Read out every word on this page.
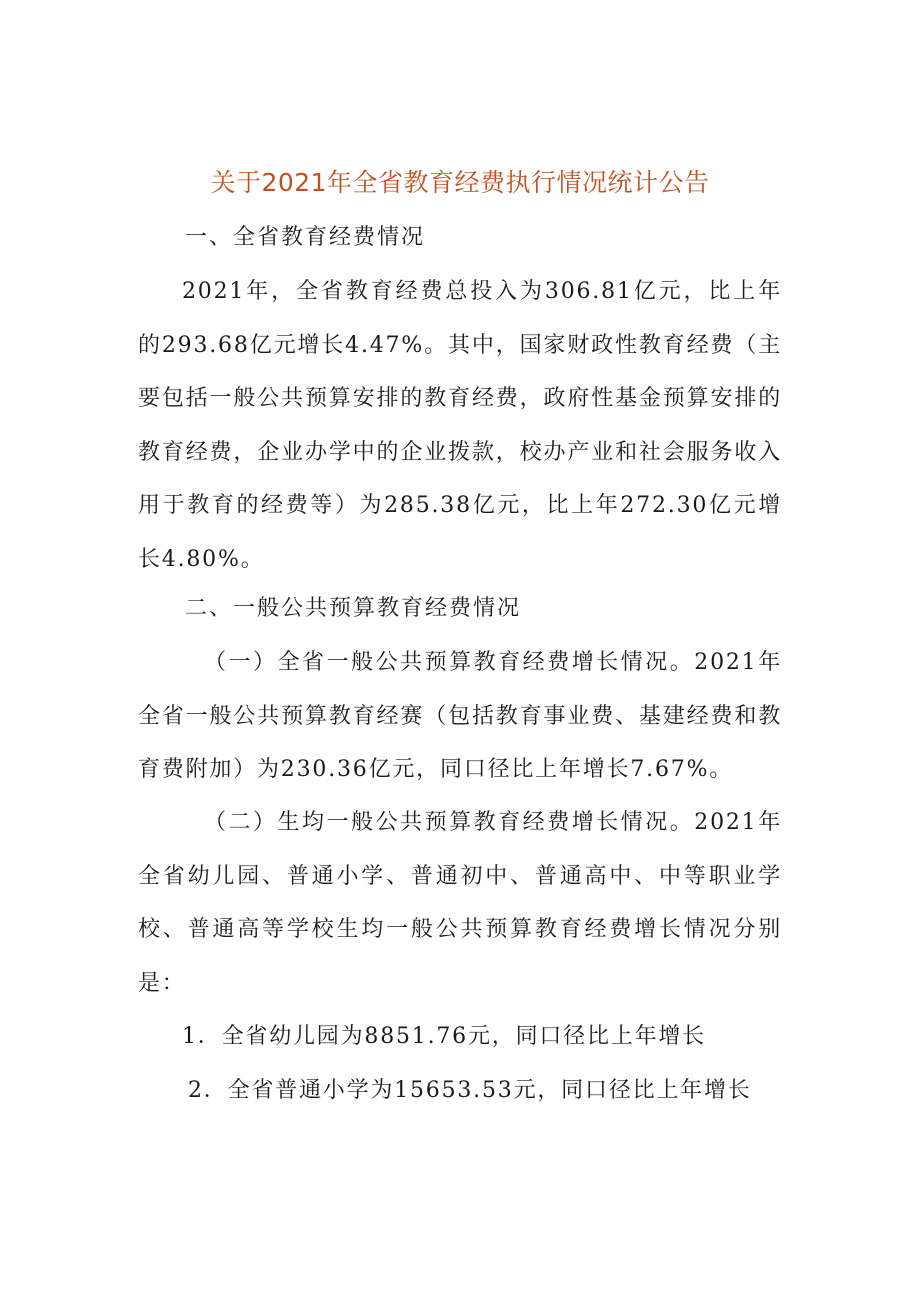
关于2021年全省教育经费执行情况统计公告

一、全省教育经费情况

2021年，全省教育经费总投入为306.81亿元，比上年的293.68亿元增长4.47%。其中，国家财政性教育经费（主要包括一般公共预算安排的教育经费，政府性基金预算安排的教育经费，企业办学中的企业拨款，校办产业和社会服务收入用于教育的经费等）为285.38亿元，比上年272.30亿元增长4.80%。

二、一般公共预算教育经费情况

（一）全省一般公共预算教育经费增长情况。2021年全省一般公共预算教育经赛（包括教育事业费、基建经费和教育费附加）为230.36亿元，同口径比上年增长7.67%。

（二）生均一般公共预算教育经费增长情况。2021年全省幼儿园、普通小学、普通初中、普通高中、中等职业学校、普通高等学校生均一般公共预算教育经费增长情况分别是：

1．全省幼儿园为8851.76元，同口径比上年增长

2．全省普通小学为15653.53元，同口径比上年增长
